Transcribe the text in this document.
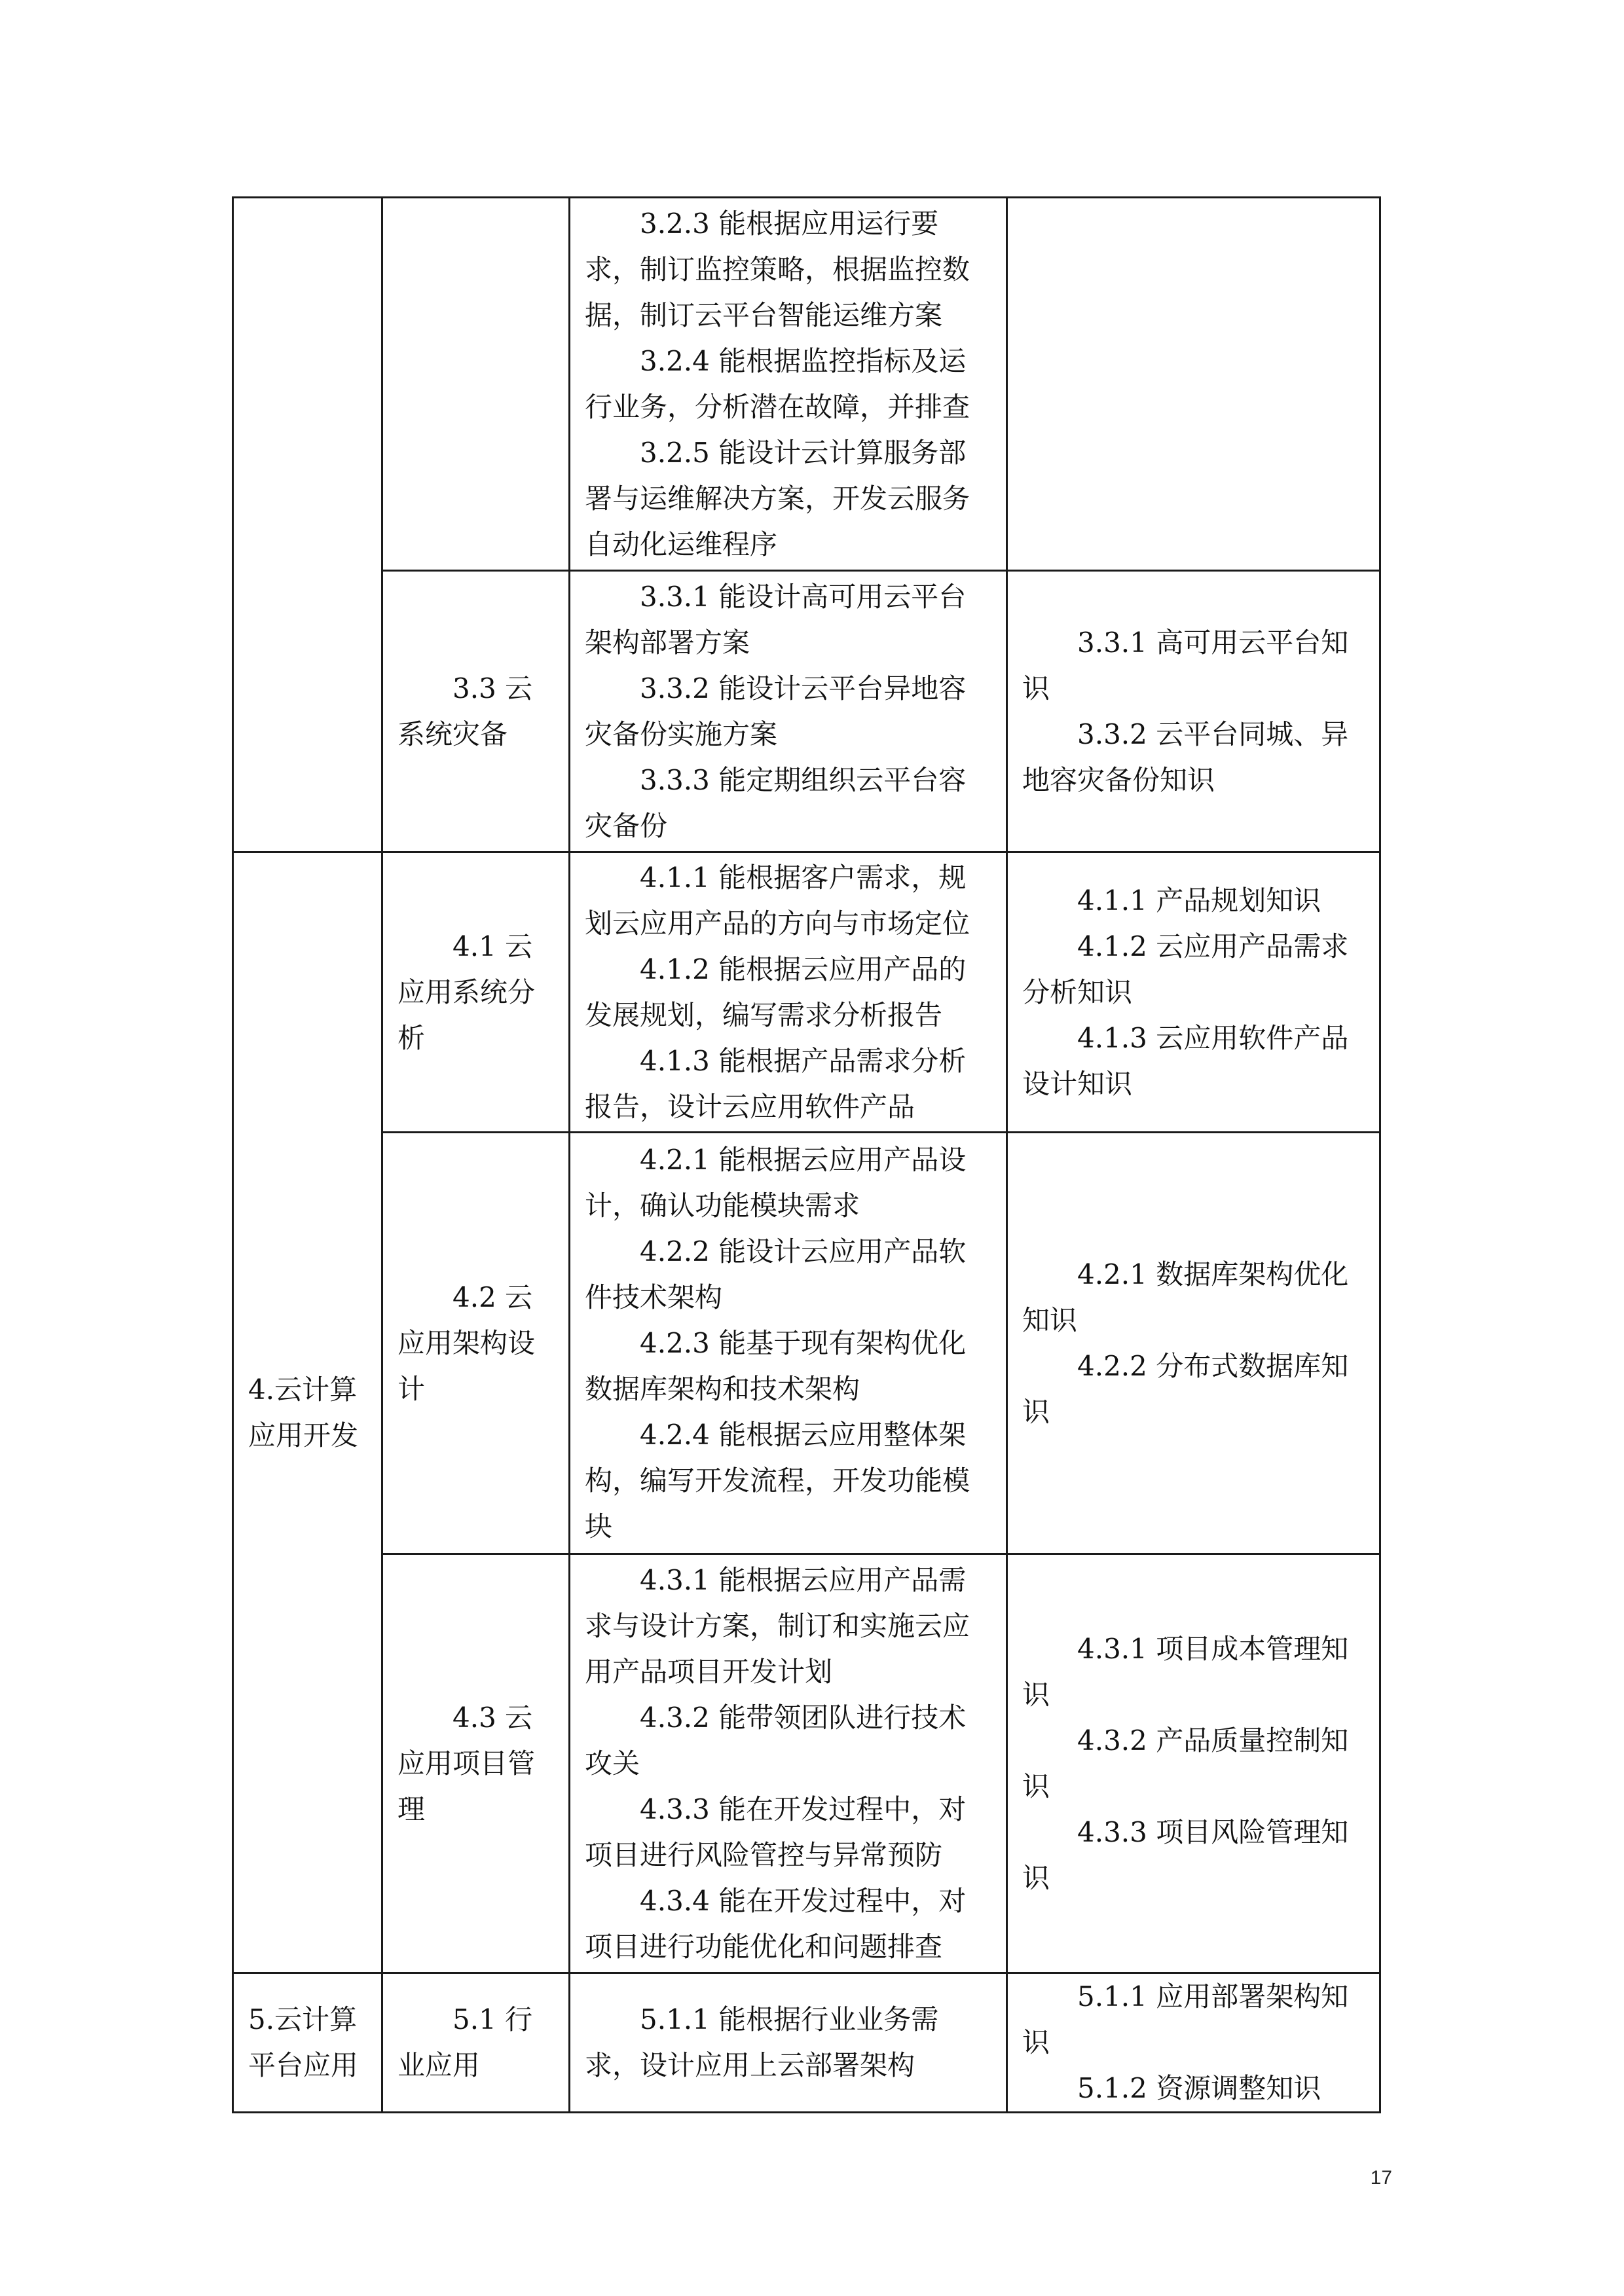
		3.2.3 能根据应用运行要求，制订监控策略，根据监控数据，制订云平台智能运维方案
3.2.4 能根据监控指标及运行业务，分析潜在故障，并排查
3.2.5 能设计云计算服务部署与运维解决方案，开发云服务自动化运维程序	

	3.3 云系统灾备	3.3.1 能设计高可用云平台架构部署方案
3.3.2 能设计云平台异地容灾备份实施方案
3.3.3 能定期组织云平台容灾备份	3.3.1 高可用云平台知识
3.3.2 云平台同城、异地容灾备份知识

4.云计算应用开发	4.1 云应用系统分析	4.1.1 能根据客户需求，规划云应用产品的方向与市场定位
4.1.2 能根据云应用产品的发展规划，编写需求分析报告
4.1.3 能根据产品需求分析报告，设计云应用软件产品	4.1.1 产品规划知识
4.1.2 云应用产品需求分析知识
4.1.3 云应用软件产品设计知识

	4.2 云应用架构设计	4.2.1 能根据云应用产品设计，确认功能模块需求
4.2.2 能设计云应用产品软件技术架构
4.2.3 能基于现有架构优化数据库架构和技术架构
4.2.4 能根据云应用整体架构，编写开发流程，开发功能模块	4.2.1 数据库架构优化知识
4.2.2 分布式数据库知识

	4.3 云应用项目管理	4.3.1 能根据云应用产品需求与设计方案，制订和实施云应用产品项目开发计划
4.3.2 能带领团队进行技术攻关
4.3.3 能在开发过程中，对项目进行风险管控与异常预防
4.3.4 能在开发过程中，对项目进行功能优化和问题排查	4.3.1 项目成本管理知识
4.3.2 产品质量控制知识
4.3.3 项目风险管理知识

5.云计算平台应用	5.1 行业应用	5.1.1 能根据行业业务需求，设计应用上云部署架构	5.1.1 应用部署架构知识
5.1.2 资源调整知识
17
